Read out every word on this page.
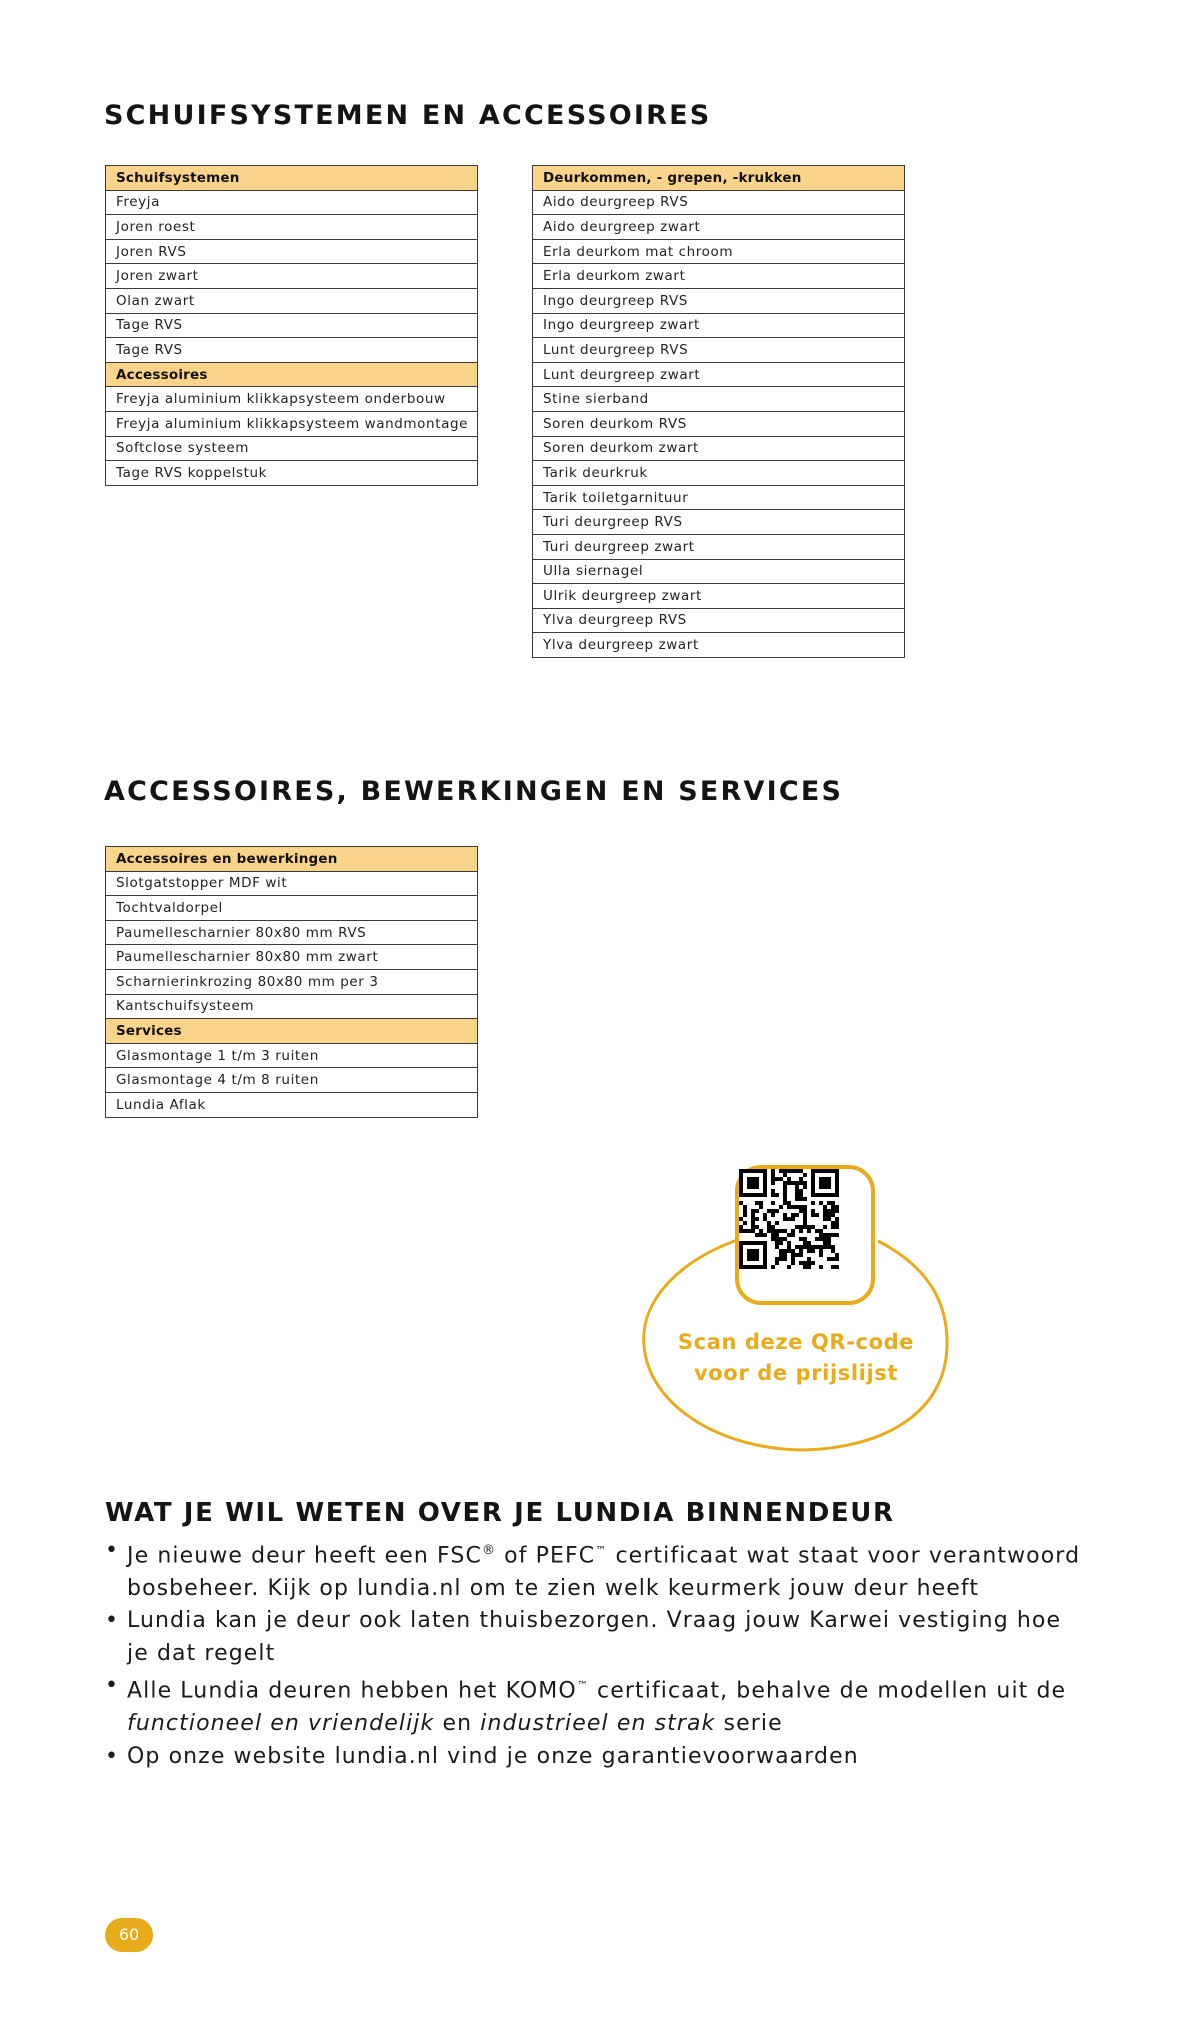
SCHUIFSYSTEMEN EN ACCESSOIRES
Schuifsystemen
Freyja
Joren roest
Joren RVS
Joren zwart
Olan zwart
Tage RVS
Tage RVS
Accessoires
Freyja aluminium klikkapsysteem onderbouw
Freyja aluminium klikkapsysteem wandmontage
Softclose systeem
Tage RVS koppelstuk
Deurkommen, - grepen, -krukken
Aido deurgreep RVS
Aido deurgreep zwart
Erla deurkom mat chroom
Erla deurkom zwart
Ingo deurgreep RVS
Ingo deurgreep zwart
Lunt deurgreep RVS
Lunt deurgreep zwart
Stine sierband
Soren deurkom RVS
Soren deurkom zwart
Tarik deurkruk
Tarik toiletgarnituur
Turi deurgreep RVS
Turi deurgreep zwart
Ulla siernagel
Ulrik deurgreep zwart
Ylva deurgreep RVS
Ylva deurgreep zwart
ACCESSOIRES, BEWERKINGEN EN SERVICES
Accessoires en bewerkingen
Slotgatstopper MDF wit
Tochtvaldorpel
Paumellescharnier 80x80 mm RVS
Paumellescharnier 80x80 mm zwart
Scharnierinkrozing 80x80 mm per 3
Kantschuifsysteem
Services
Glasmontage 1 t/m 3 ruiten
Glasmontage 4 t/m 8 ruiten
Lundia Aflak
Scan deze QR-code
voor de prijslijst
WAT JE WIL WETEN OVER JE LUNDIA BINNENDEUR
• Je nieuwe deur heeft een FSC® of PEFC™ certificaat wat staat voor verantwoord bosbeheer. Kijk op lundia.nl om te zien welk keurmerk jouw deur heeft
• Lundia kan je deur ook laten thuisbezorgen. Vraag jouw Karwei vestiging hoe je dat regelt
• Alle Lundia deuren hebben het KOMO™ certificaat, behalve de modellen uit de functioneel en vriendelijk en industrieel en strak serie
• Op onze website lundia.nl vind je onze garantievoorwaarden
60
